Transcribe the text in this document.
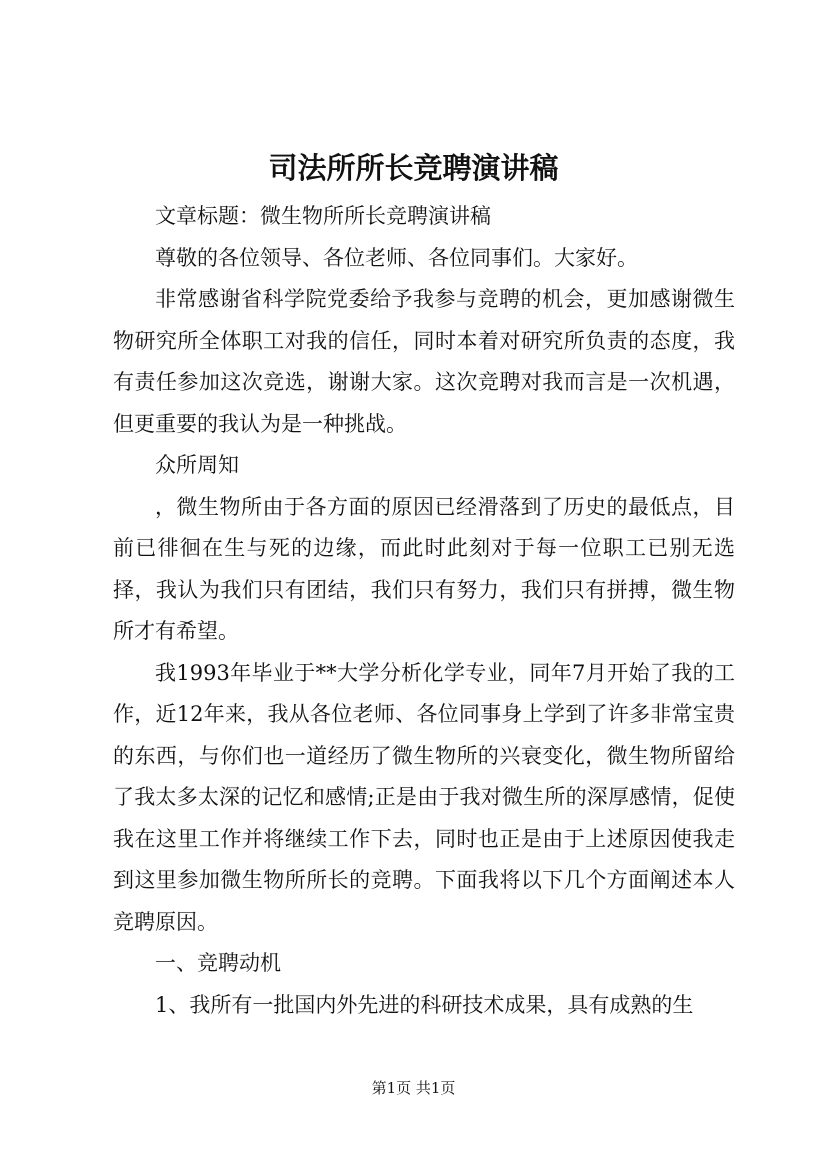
司法所所长竞聘演讲稿

文章标题：微生物所所长竞聘演讲稿

尊敬的各位领导、各位老师、各位同事们。大家好。

非常感谢省科学院党委给予我参与竞聘的机会，更加感谢微生物研究所全体职工对我的信任，同时本着对研究所负责的态度，我有责任参加这次竞选，谢谢大家。这次竞聘对我而言是一次机遇，但更重要的我认为是一种挑战。

众所周知

，微生物所由于各方面的原因已经滑落到了历史的最低点，目前已徘徊在生与死的边缘，而此时此刻对于每一位职工已别无选择，我认为我们只有团结，我们只有努力，我们只有拼搏，微生物所才有希望。

我1993年毕业于**大学分析化学专业，同年7月开始了我的工作，近12年来，我从各位老师、各位同事身上学到了许多非常宝贵的东西，与你们也一道经历了微生物所的兴衰变化，微生物所留给了我太多太深的记忆和感情;正是由于我对微生所的深厚感情，促使我在这里工作并将继续工作下去，同时也正是由于上述原因使我走到这里参加微生物所所长的竞聘。下面我将以下几个方面阐述本人竞聘原因。

一、竞聘动机

1、我所有一批国内外先进的科研技术成果，具有成熟的生

第1页 共1页
